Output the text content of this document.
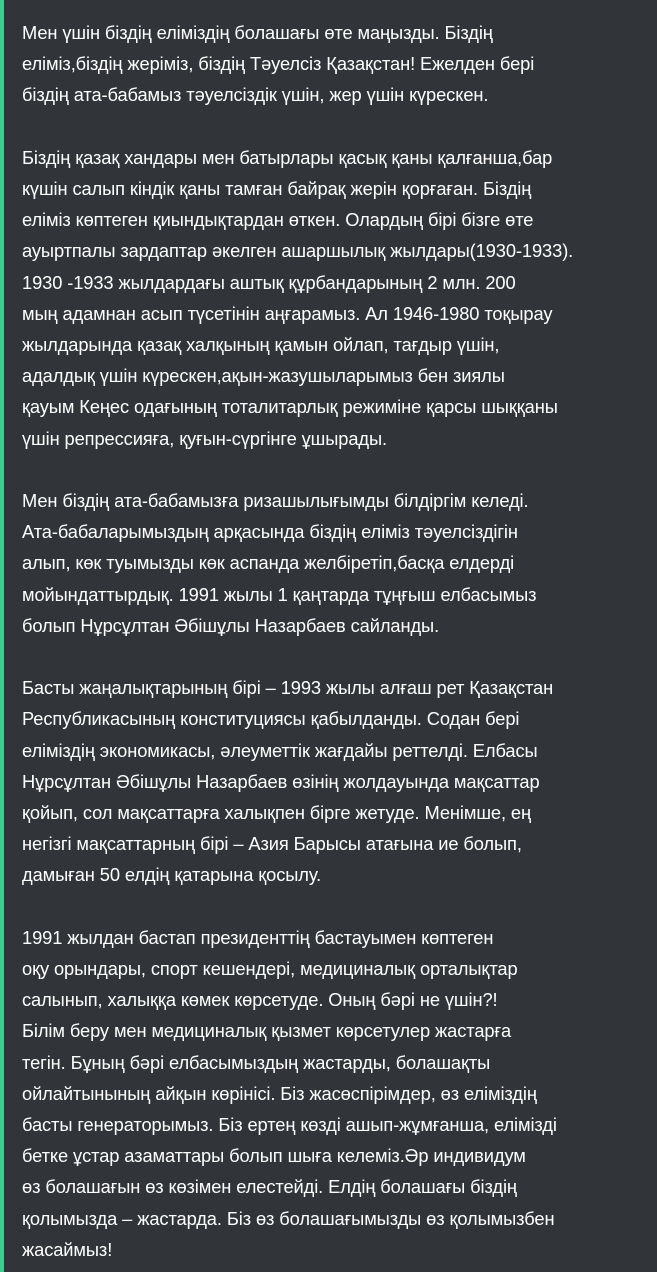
Мен үшін біздің еліміздің болашағы өте маңызды. Біздің
еліміз,біздің жеріміз, біздің Тәуелсіз Қазақстан! Ежелден бері
біздің ата-бабамыз тәуелсіздік үшін, жер үшін күрескен.

Біздің қазақ хандары мен батырлары қасық қаны қалғанша,бар
күшін салып кіндік қаны тамған байрақ жерін қорғаған. Біздің
еліміз көптеген қиындықтардан өткен. Олардың бірі бізге өте
ауыртпалы зардаптар әкелген ашаршылық жылдары(1930-1933).
1930 -1933 жылдардағы аштық құрбандарының 2 млн. 200
мың адамнан асып түсетінін аңғарамыз. Ал 1946-1980 тоқырау
жылдарында қазақ халқының қамын ойлап, тағдыр үшін,
адалдық үшін күрескен,ақын-жазушыларымыз бен зиялы
қауым Кеңес одағының тоталитарлық режиміне қарсы шыққаны
үшін репрессияға, қуғын-сүргінге ұшырады.

Мен біздің ата-бабамызға ризашылығымды білдіргім келеді.
Ата-бабаларымыздың арқасында біздің еліміз тәуелсіздігін
алып, көк туымызды көк аспанда желбіретіп,басқа елдерді
мойындаттырдық. 1991 жылы 1 қаңтарда тұңғыш елбасымыз
болып Нұрсұлтан Әбішұлы Назарбаев сайланды.

Басты жаңалықтарының бірі – 1993 жылы алғаш рет Қазақстан
Республикасының конституциясы қабылданды. Содан бері
еліміздің экономикасы, әлеуметтік жағдайы реттелді. Елбасы
Нұрсұлтан Әбішұлы Назарбаев өзінің жолдауында мақсаттар
қойып, сол мақсаттарға халықпен бірге жетуде. Менімше, ең
негізгі мақсаттарның бірі – Азия Барысы атағына ие болып,
дамыған 50 елдің қатарына қосылу.

1991 жылдан бастап президенттің бастауымен көптеген
оқу орындары, спорт кешендері, медициналық орталықтар
салынып, халыққа көмек көрсетуде. Оның бәрі не үшін?!
Білім беру мен медициналық қызмет көрсетулер жастарға
тегін. Бұның бәрі елбасымыздың жастарды, болашақты
ойлайтынының айқын көрінісі. Біз жасөспірімдер, өз еліміздің
басты генераторымыз. Біз ертең көзді ашып-жұмғанша, елімізді
бетке ұстар азаматтары болып шыға келеміз.Әр индивидум
өз болашағын өз көзімен елестейді. Елдің болашағы біздің
қолымызда – жастарда. Біз өз болашағымызды өз қолымызбен
жасаймыз!
